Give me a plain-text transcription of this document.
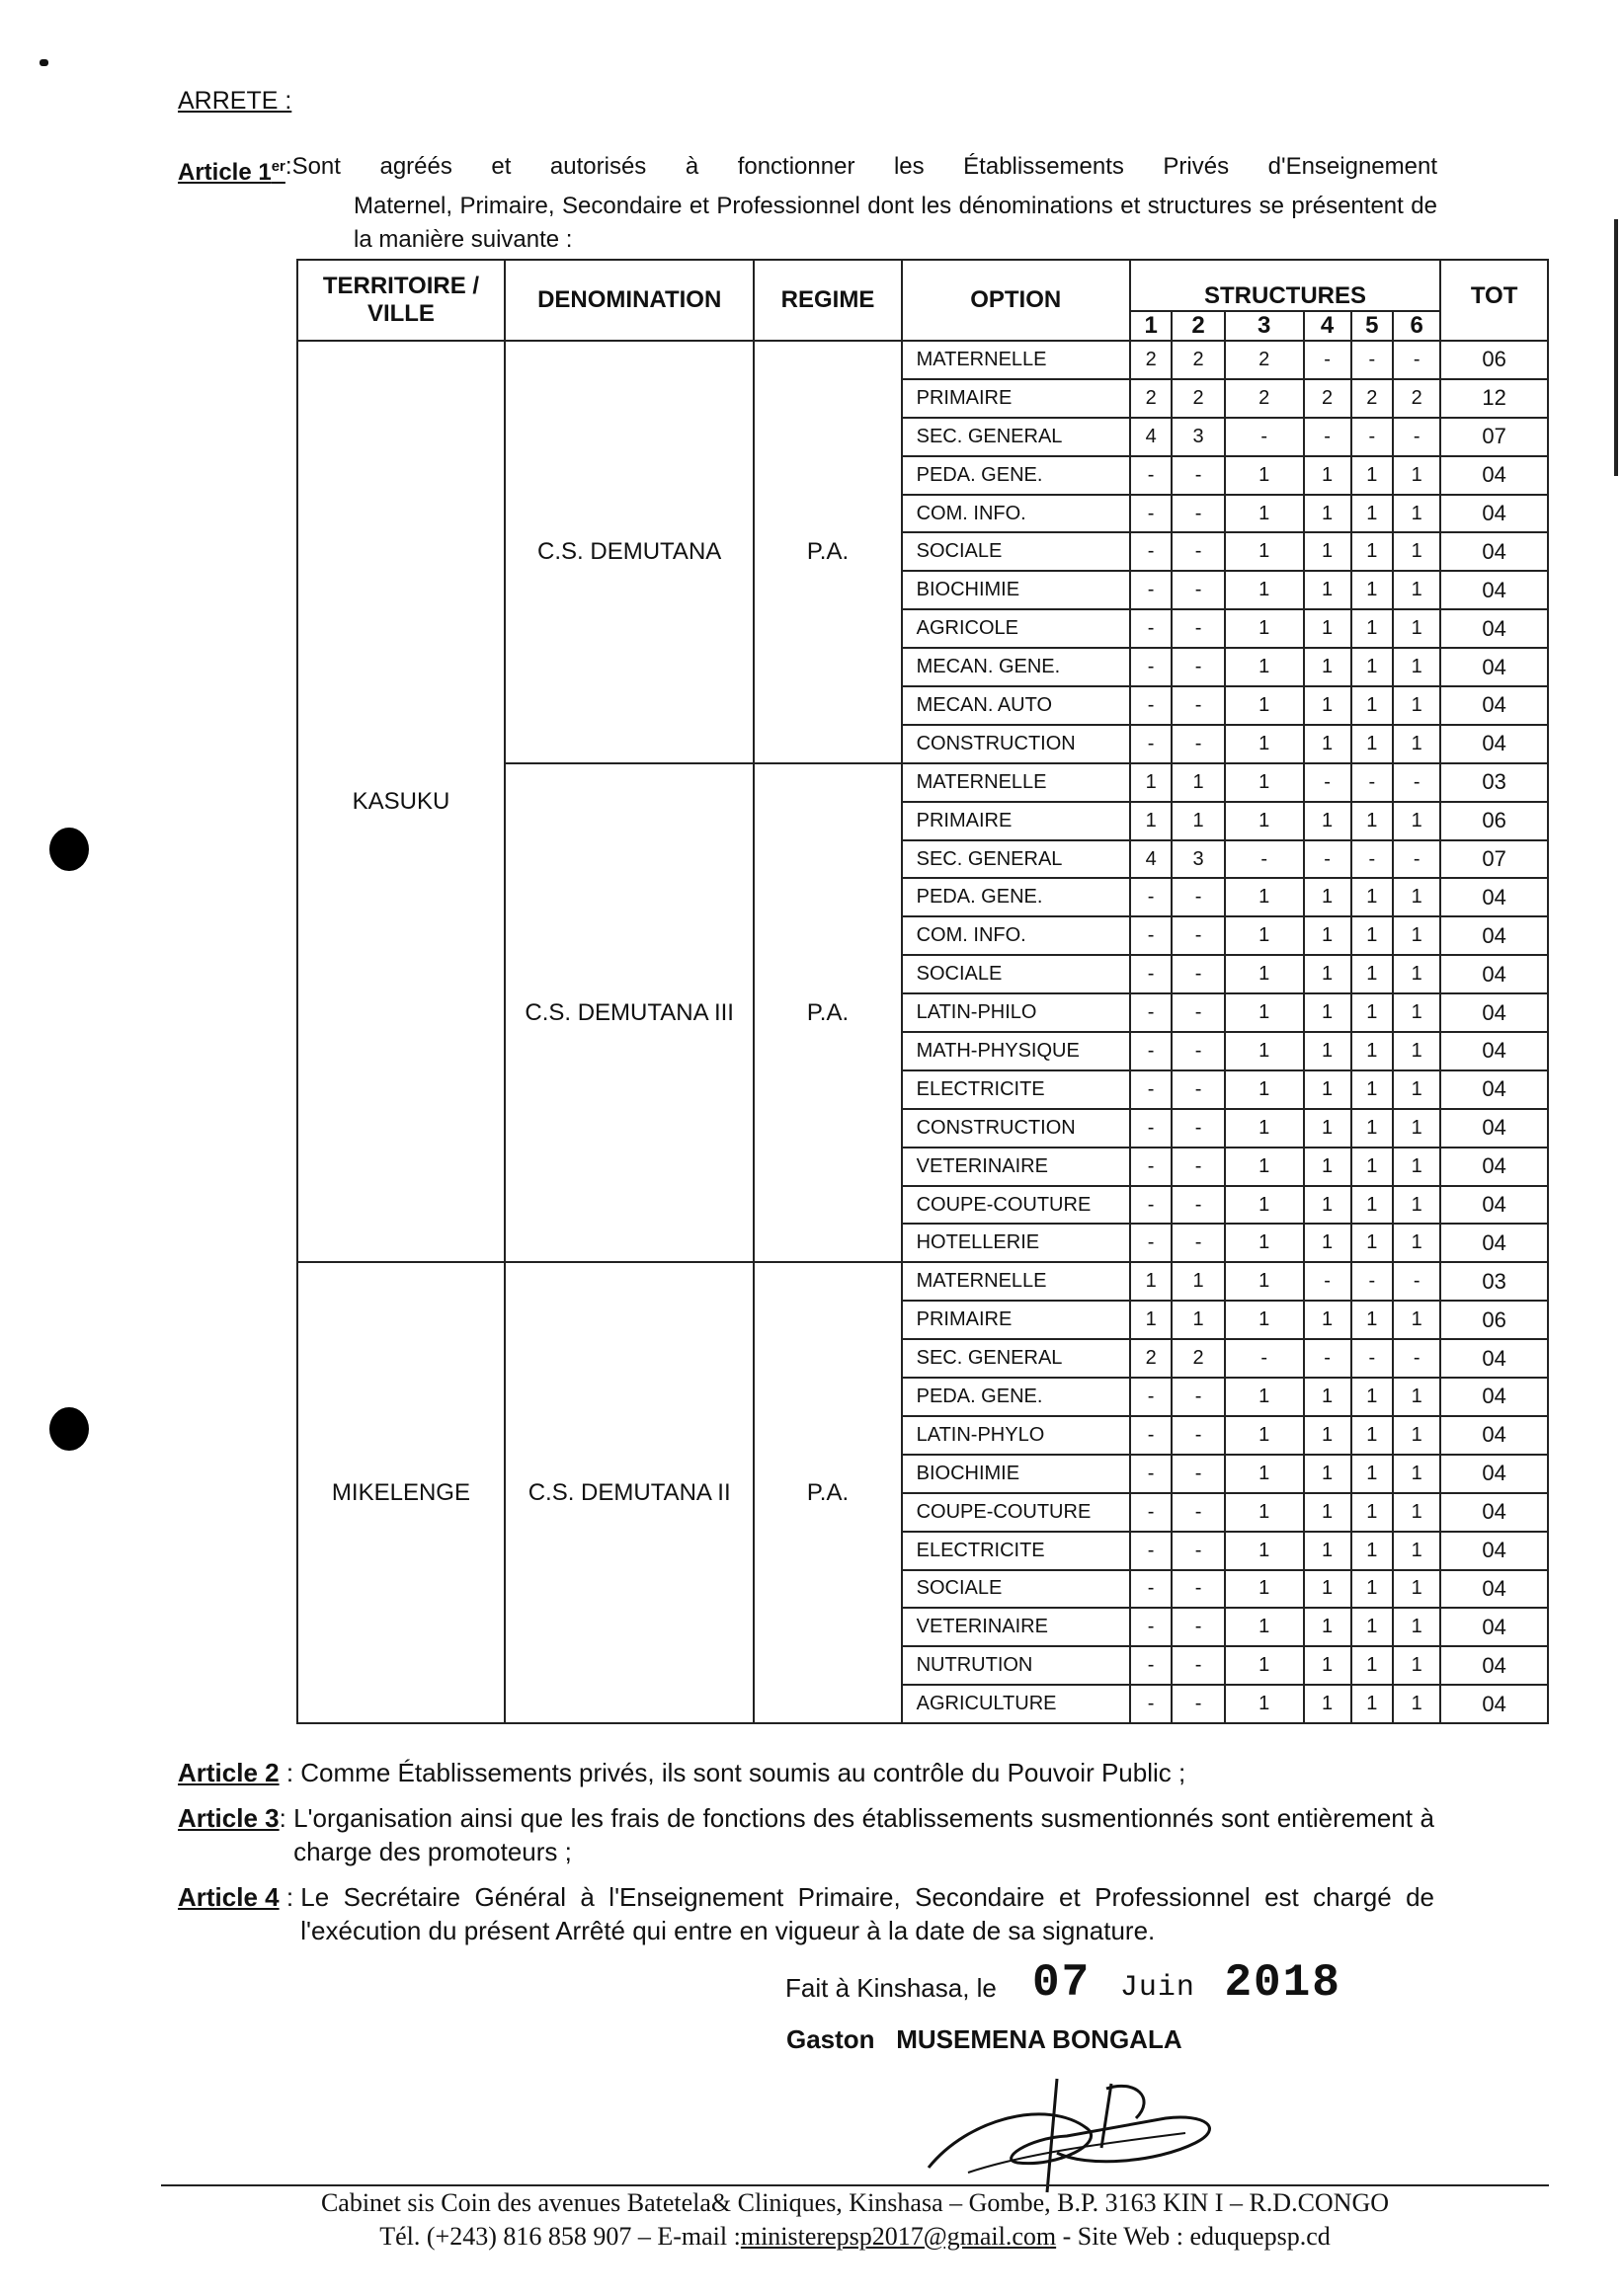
ARRETE :
Article 1er :Sont agréés et autorisés à fonctionner les Établissements Privés d'Enseignement
Maternel, Primaire, Secondaire et Professionnel dont les dénominations et structures se présentent de la manière suivante :
TERRITOIRE / VILLE	DENOMINATION	REGIME	OPTION	STRUCTURES						TOT
				1	2	3	4	5	6	
KASUKU	C.S. DEMUTANA	P.A.	MATERNELLE	2	2	2	-	-	-	06
			PRIMAIRE	2	2	2	2	2	2	12
			SEC. GENERAL	4	3	-	-	-	-	07
			PEDA. GENE.	-	-	1	1	1	1	04
			COM. INFO.	-	-	1	1	1	1	04
			SOCIALE	-	-	1	1	1	1	04
			BIOCHIMIE	-	-	1	1	1	1	04
			AGRICOLE	-	-	1	1	1	1	04
			MECAN. GENE.	-	-	1	1	1	1	04
			MECAN. AUTO	-	-	1	1	1	1	04
			CONSTRUCTION	-	-	1	1	1	1	04
	C.S. DEMUTANA III	P.A.	MATERNELLE	1	1	1	-	-	-	03
			PRIMAIRE	1	1	1	1	1	1	06
			SEC. GENERAL	4	3	-	-	-	-	07
			PEDA. GENE.	-	-	1	1	1	1	04
			COM. INFO.	-	-	1	1	1	1	04
			SOCIALE	-	-	1	1	1	1	04
			LATIN-PHILO	-	-	1	1	1	1	04
			MATH-PHYSIQUE	-	-	1	1	1	1	04
			ELECTRICITE	-	-	1	1	1	1	04
			CONSTRUCTION	-	-	1	1	1	1	04
			VETERINAIRE	-	-	1	1	1	1	04
			COUPE-COUTURE	-	-	1	1	1	1	04
			HOTELLERIE	-	-	1	1	1	1	04
MIKELENGE	C.S. DEMUTANA II	P.A.	MATERNELLE	1	1	1	-	-	-	03
			PRIMAIRE	1	1	1	1	1	1	06
			SEC. GENERAL	2	2	-	-	-	-	04
			PEDA. GENE.	-	-	1	1	1	1	04
			LATIN-PHYLO	-	-	1	1	1	1	04
			BIOCHIMIE	-	-	1	1	1	1	04
			COUPE-COUTURE	-	-	1	1	1	1	04
			ELECTRICITE	-	-	1	1	1	1	04
			SOCIALE	-	-	1	1	1	1	04
			VETERINAIRE	-	-	1	1	1	1	04
			NUTRUTION	-	-	1	1	1	1	04
			AGRICULTURE	-	-	1	1	1	1	04
Article 2 : Comme Établissements privés, ils sont soumis au contrôle du Pouvoir Public ;
Article 3: L'organisation ainsi que les frais de fonctions des établissements susmentionnés sont entièrement à charge des promoteurs ;
Article 4 : Le Secrétaire Général à l'Enseignement Primaire, Secondaire et Professionnel est chargé de l'exécution du présent Arrêté qui entre en vigueur à la date de sa signature.
Fait à Kinshasa, le 07 Juin 2018
Gaston MUSEMENA BONGALA
Cabinet sis Coin des avenues Batetela& Cliniques, Kinshasa – Gombe, B.P. 3163 KIN I – R.D.CONGO
Tél. (+243) 816 858 907 – E-mail :ministerepsp2017@gmail.com - Site Web : eduquepsp.cd
